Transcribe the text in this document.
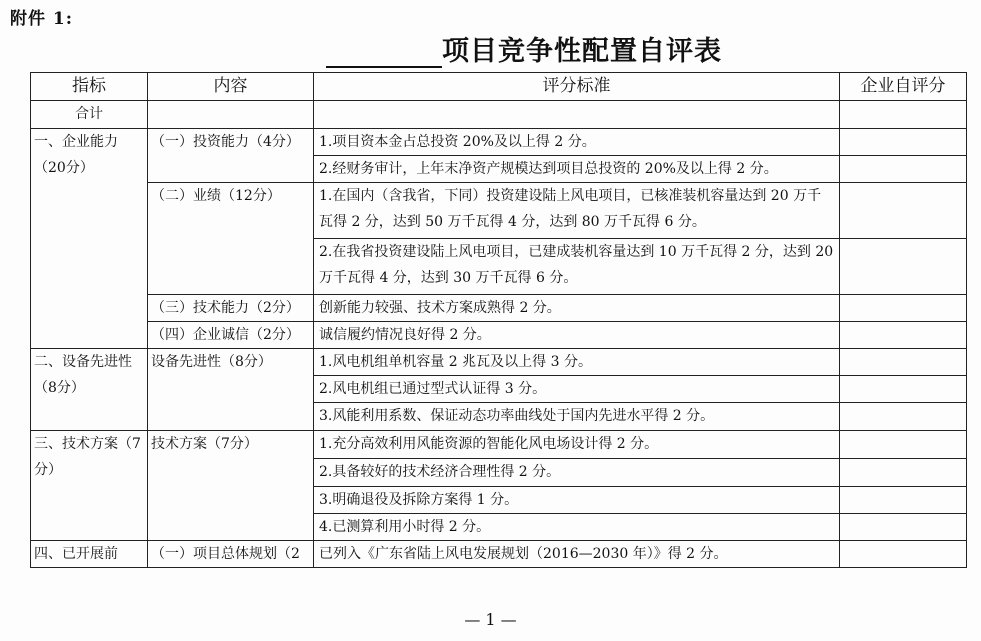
附件 1:
项目竞争性配置自评表
指标	内容	评分标准	企业自评分
合计			
一、企业能力（20分）	（一）投资能力（4分）	1.项目资本金占总投资 20%及以上得 2 分。	
		2.经财务审计，上年末净资产规模达到项目总投资的 20%及以上得 2 分。	
	（二）业绩（12分）	1.在国内（含我省，下同）投资建设陆上风电项目，已核准装机容量达到 20 万千瓦得 2 分，达到 50 万千瓦得 4 分，达到 80 万千瓦得 6 分。	
		2.在我省投资建设陆上风电项目，已建成装机容量达到 10 万千瓦得 2 分，达到 20 万千瓦得 4 分，达到 30 万千瓦得 6 分。	
	（三）技术能力（2分）	创新能力较强、技术方案成熟得 2 分。	
	（四）企业诚信（2分）	诚信履约情况良好得 2 分。	
二、设备先进性（8分）	设备先进性（8分）	1.风电机组单机容量 2 兆瓦及以上得 3 分。	
		2.风电机组已通过型式认证得 3 分。	
		3.风能利用系数、保证动态功率曲线处于国内先进水平得 2 分。	
三、技术方案（7分）	技术方案（7分）	1.充分高效利用风能资源的智能化风电场设计得 2 分。	
		2.具备较好的技术经济合理性得 2 分。	
		3.明确退役及拆除方案得 1 分。	
		4.已测算利用小时得 2 分。	
四、已开展前	（一）项目总体规划（2	已列入《广东省陆上风电发展规划（2016—2030 年）》得 2 分。	
— 1 —
